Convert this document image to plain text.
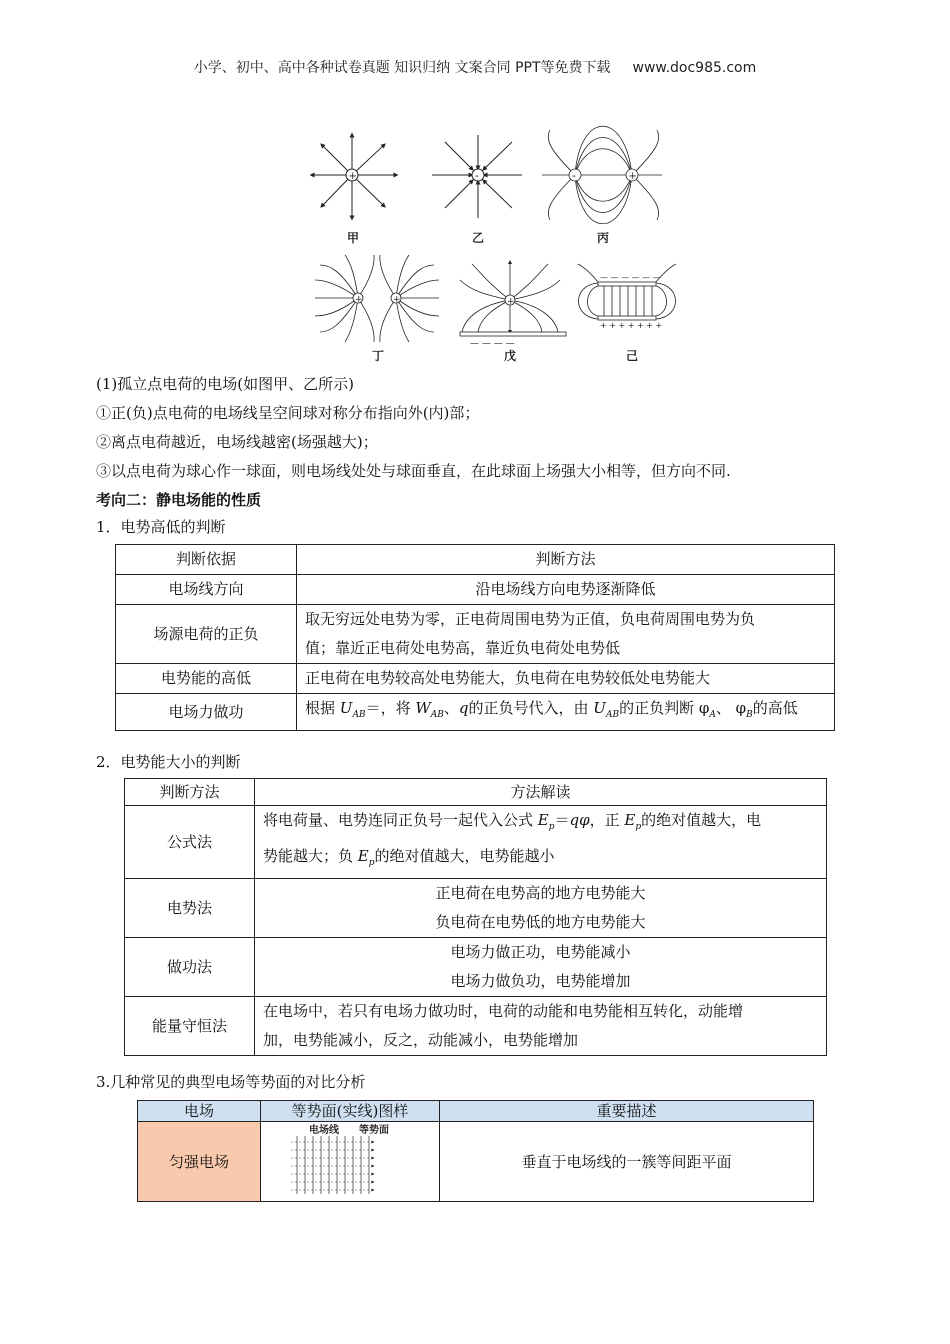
小学、初中、高中各种试卷真题 知识归纳 文案合同 PPT等免费下载 www.doc985.com
+	-	-	+
+	+	+
— — — —
— — — — — —
+ + + + + + +
甲	乙	丙
丁	戊	己
(1)孤立点电荷的电场(如图甲、乙所示)
①正(负)点电荷的电场线呈空间球对称分布指向外(内)部；
②离点电荷越近，电场线越密(场强越大)；
③以点电荷为球心作一球面，则电场线处处与球面垂直，在此球面上场强大小相等，但方向不同.
考向二：静电场能的性质
1．电势高低的判断
判断依据	判断方法
电场线方向	沿电场线方向电势逐渐降低
场源电荷的正负	取无穷远处电势为零，正电荷周围电势为正值，负电荷周围电势为负
值；靠近正电荷处电势高，靠近负电荷处电势低

电势能的高低	正电荷在电势较高处电势能大，负电荷在电势较低处电势能大
电场力做功	根据 $U_{AB}=$，将 $W_{AB}$、q的正负号代入，由 $U_{AB}$的正负判断 $\varphi_A$、 $\varphi_B$的高低
2．电势能大小的判断
判断方法	方法解读
公式法	将电荷量、电势连同正负号一起代入公式 $E_p=q\varphi$，正 $E_p$的绝对值越大，电
势能越大；负 $E_p$的绝对值越大，电势能越小

电势法	正电荷在电势高的地方电势能大
负电荷在电势低的地方电势能大

做功法	电场力做正功，电势能减小
电场力做负功，电势能增加

能量守恒法	在电场中，若只有电场力做功时，电荷的动能和电势能相互转化，动能增
加，电势能减小，反之，动能减小，电势能增加
3.几种常见的典型电场等势面的对比分析
电场	等势面(实线)图样	重要描述
匀强电场	电场线 等势面	垂直于电场线的一簇等间距平面
